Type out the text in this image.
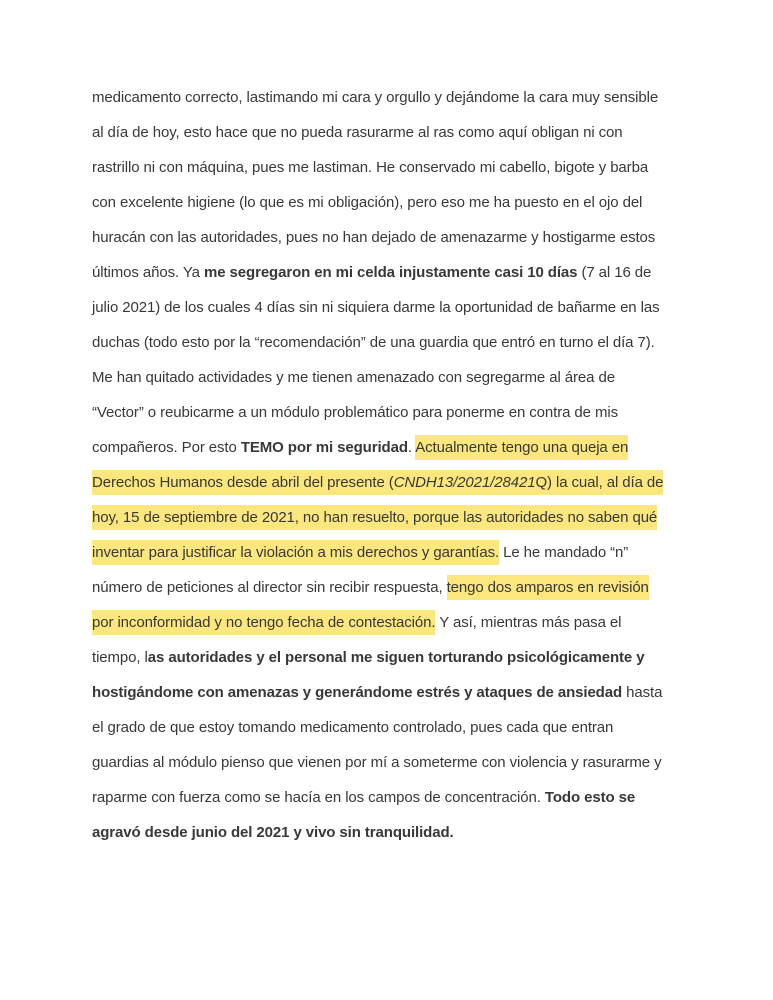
medicamento correcto, lastimando mi cara y orgullo y dejándome la cara muy sensible
al día de hoy, esto hace que no pueda rasurarme al ras como aquí obligan ni con
rastrillo ni con máquina, pues me lastiman. He conservado mi cabello, bigote y barba
con excelente higiene (lo que es mi obligación), pero eso me ha puesto en el ojo del
huracán con las autoridades, pues no han dejado de amenazarme y hostigarme estos
últimos años. Ya me segregaron en mi celda injustamente casi 10 días (7 al 16 de
julio 2021) de los cuales 4 días sin ni siquiera darme la oportunidad de bañarme en las
duchas (todo esto por la “recomendación” de una guardia que entró en turno el día 7).
Me han quitado actividades y me tienen amenazado con segregarme al área de
“Vector” o reubicarme a un módulo problemático para ponerme en contra de mis
compañeros. Por esto TEMO por mi seguridad. Actualmente tengo una queja en
Derechos Humanos desde abril del presente (CNDH13/2021/28421Q) la cual, al día de
hoy, 15 de septiembre de 2021, no han resuelto, porque las autoridades no saben qué
inventar para justificar la violación a mis derechos y garantías. Le he mandado “n”
número de peticiones al director sin recibir respuesta, tengo dos amparos en revisión
por inconformidad y no tengo fecha de contestación. Y así, mientras más pasa el
tiempo, las autoridades y el personal me siguen torturando psicológicamente y
hostigándome con amenazas y generándome estrés y ataques de ansiedad hasta
el grado de que estoy tomando medicamento controlado, pues cada que entran
guardias al módulo pienso que vienen por mí a someterme con violencia y rasurarme y
raparme con fuerza como se hacía en los campos de concentración. Todo esto se
agravó desde junio del 2021 y vivo sin tranquilidad.
